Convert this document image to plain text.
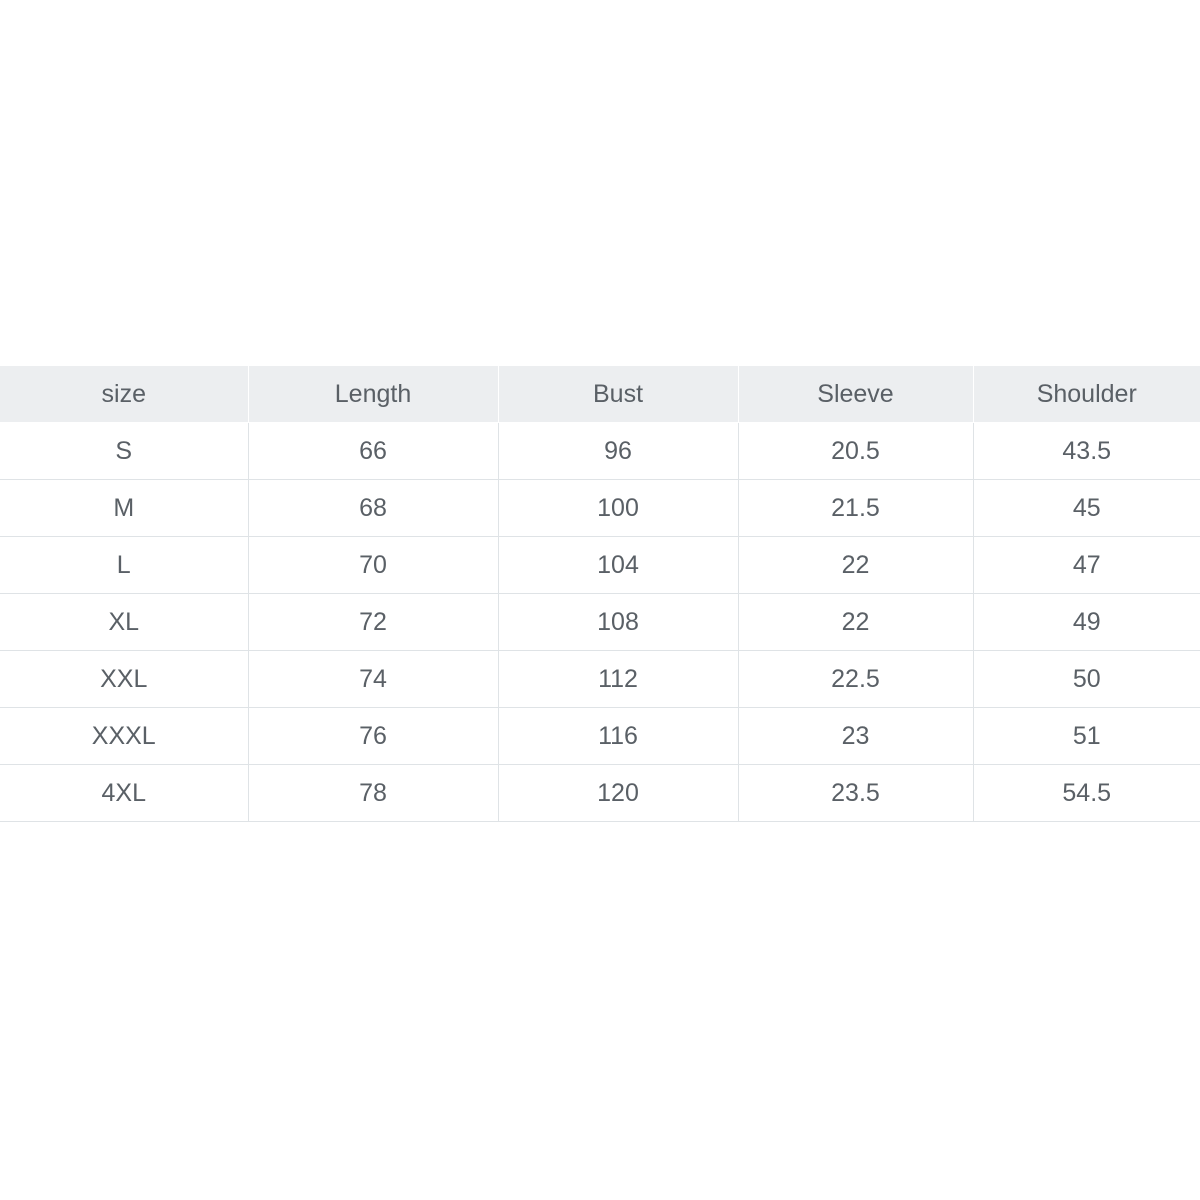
size	Length	Bust	Sleeve	Shoulder
S	66	96	20.5	43.5
M	68	100	21.5	45
L	70	104	22	47
XL	72	108	22	49
XXL	74	112	22.5	50
XXXL	76	116	23	51
4XL	78	120	23.5	54.5
